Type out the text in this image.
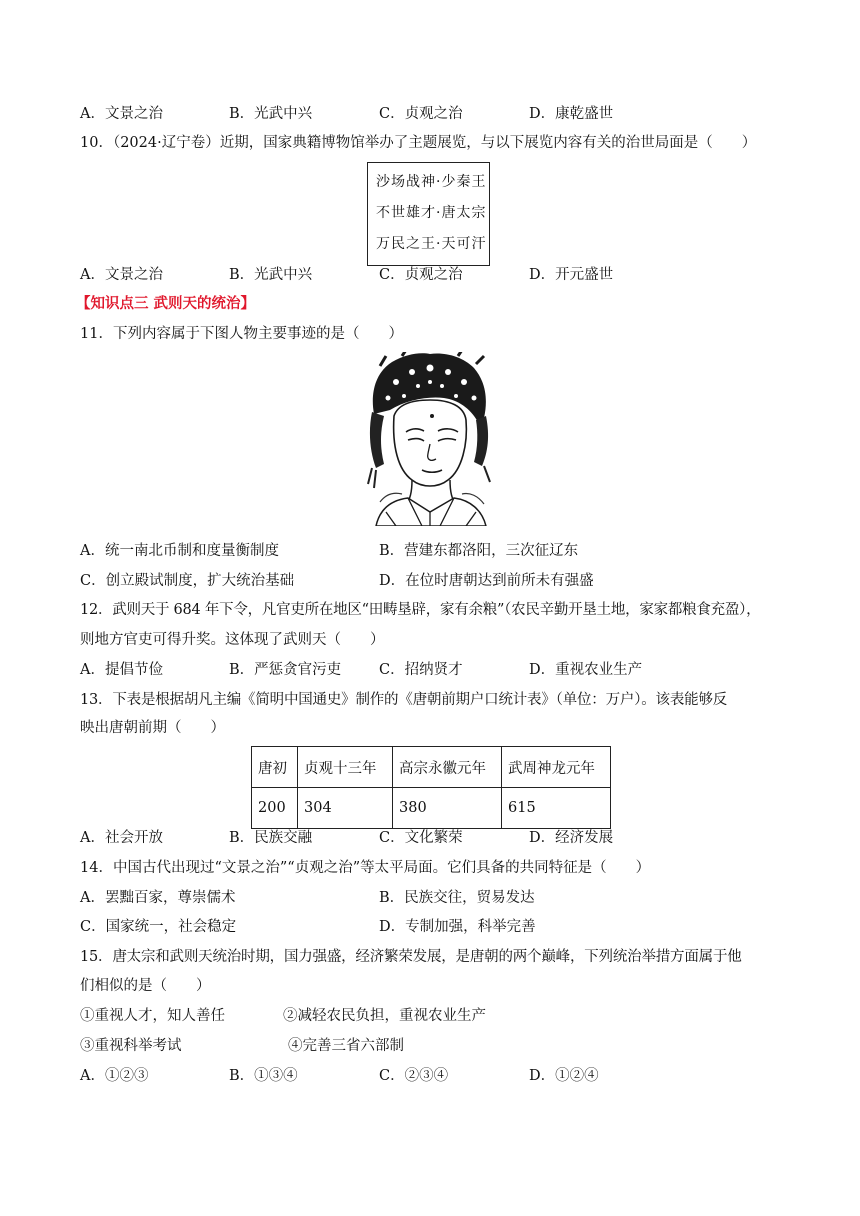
A．文景之治	B．光武中兴	C．贞观之治	D．康乾盛世
10．（2024·辽宁卷）近期，国家典籍博物馆举办了主题展览，与以下展览内容有关的治世局面是（　　）
沙场战神·少秦王
不世雄才·唐太宗
万民之王·天可汗
A．文景之治	B．光武中兴	C．贞观之治	D．开元盛世
【知识点三 武则天的统治】
11．下列内容属于下图人物主要事迹的是（　　）
A．统一南北币制和度量衡制度	B．营建东都洛阳，三次征辽东
C．创立殿试制度，扩大统治基础	D．在位时唐朝达到前所未有强盛
12．武则天于 684 年下令，凡官吏所在地区“田畴垦辟，家有余粮”（农民辛勤开垦土地，家家都粮食充盈），
则地方官吏可得升奖。这体现了武则天（　　）
A．提倡节俭	B．严惩贪官污吏	C．招纳贤才	D．重视农业生产
13．下表是根据胡凡主编《简明中国通史》制作的《唐朝前期户口统计表》（单位：万户）。该表能够反
映出唐朝前期（　　）
唐初	贞观十三年	高宗永徽元年	武周神龙元年
200	304	380	615
A．社会开放	B．民族交融	C．文化繁荣	D．经济发展
14．中国古代出现过“文景之治”“贞观之治”等太平局面。它们具备的共同特征是（　　）
A．罢黜百家，尊崇儒术	B．民族交往，贸易发达
C．国家统一，社会稳定	D．专制加强，科举完善
15．唐太宗和武则天统治时期，国力强盛，经济繁荣发展，是唐朝的两个巅峰，下列统治举措方面属于他
们相似的是（　　）
①重视人才，知人善任	②减轻农民负担，重视农业生产
③重视科举考试	④完善三省六部制
A．①②③	B．①③④	C．②③④	D．①②④
